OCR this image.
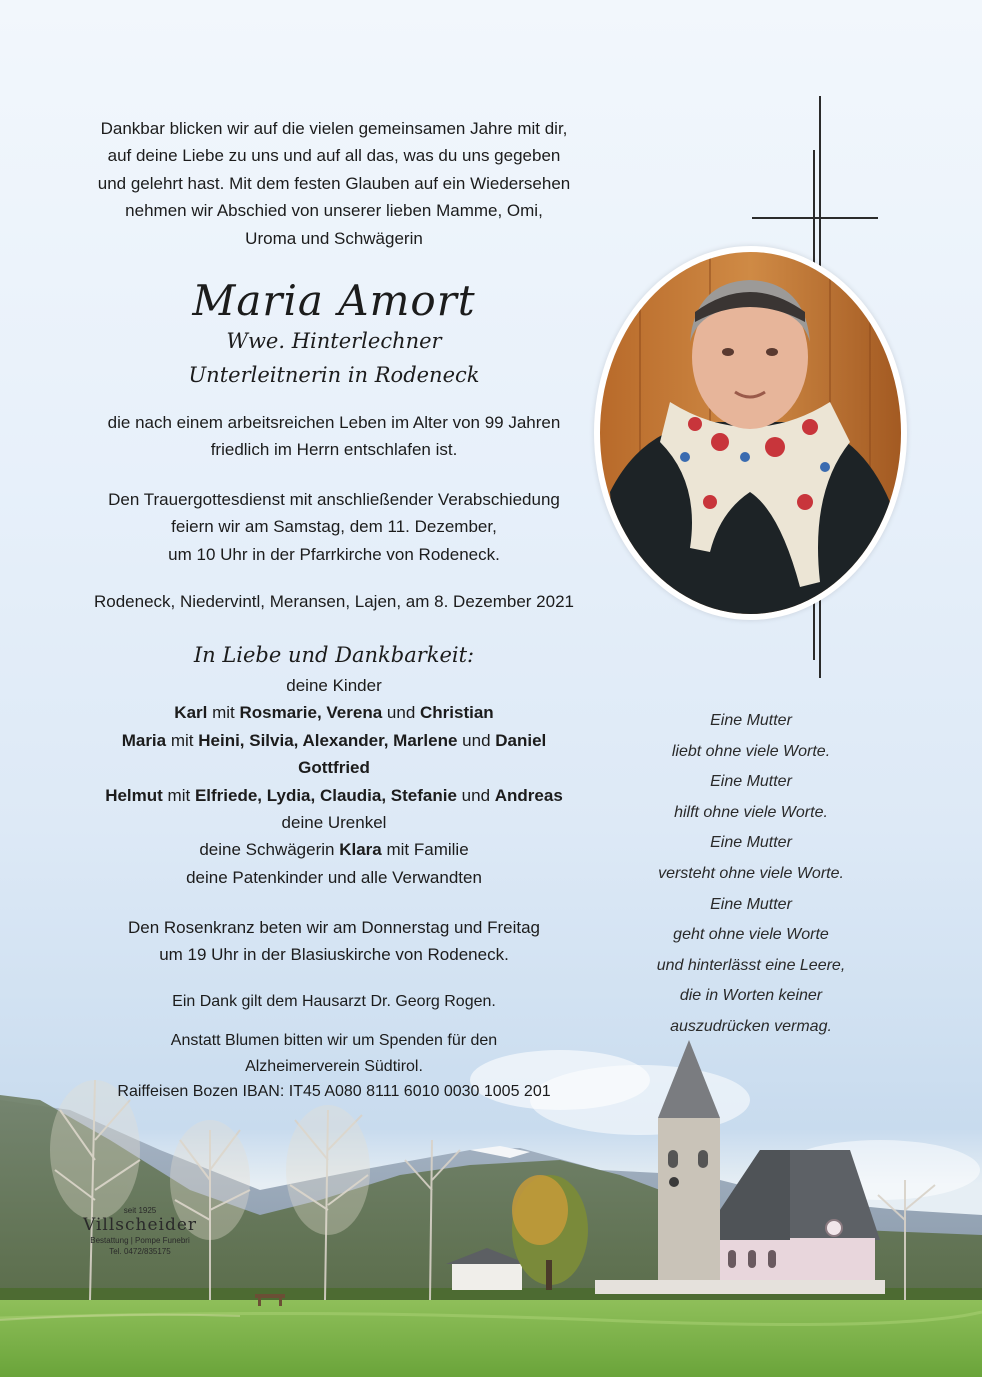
Dankbar blicken wir auf die vielen gemeinsamen Jahre mit dir,
auf deine Liebe zu uns und auf all das, was du uns gegeben
und gelehrt hast. Mit dem festen Glauben auf ein Wiedersehen
nehmen wir Abschied von unserer lieben Mamme, Omi,
Uroma und Schwägerin
Maria Amort
Wwe. Hinterlechner
Unterleitnerin in Rodeneck
die nach einem arbeitsreichen Leben im Alter von 99 Jahren
friedlich im Herrn entschlafen ist.
Den Trauergottesdienst mit anschließender Verabschiedung
feiern wir am Samstag, dem 11. Dezember,
um 10 Uhr in der Pfarrkirche von Rodeneck.
Rodeneck, Niedervintl, Meransen, Lajen, am 8. Dezember 2021
In Liebe und Dankbarkeit:
deine Kinder
Karl mit Rosmarie, Verena und Christian
Maria mit Heini, Silvia, Alexander, Marlene und Daniel
Gottfried
Helmut mit Elfriede, Lydia, Claudia, Stefanie und Andreas
deine Urenkel
deine Schwägerin Klara mit Familie
deine Patenkinder und alle Verwandten
Den Rosenkranz beten wir am Donnerstag und Freitag
um 19 Uhr in der Blasiuskirche von Rodeneck.
Ein Dank gilt dem Hausarzt Dr. Georg Rogen.
Anstatt Blumen bitten wir um Spenden für den
Alzheimerverein Südtirol.
Raiffeisen Bozen IBAN: IT45 A080 8111 6010 0030 1005 201
Eine Mutter
liebt ohne viele Worte.
Eine Mutter
hilft ohne viele Worte.
Eine Mutter
versteht ohne viele Worte.
Eine Mutter
geht ohne viele Worte
und hinterlässt eine Leere,
die in Worten keiner
auszudrücken vermag.
seit 1925
Villscheider
Bestattung | Pompe Funebri
Tel. 0472/835175
